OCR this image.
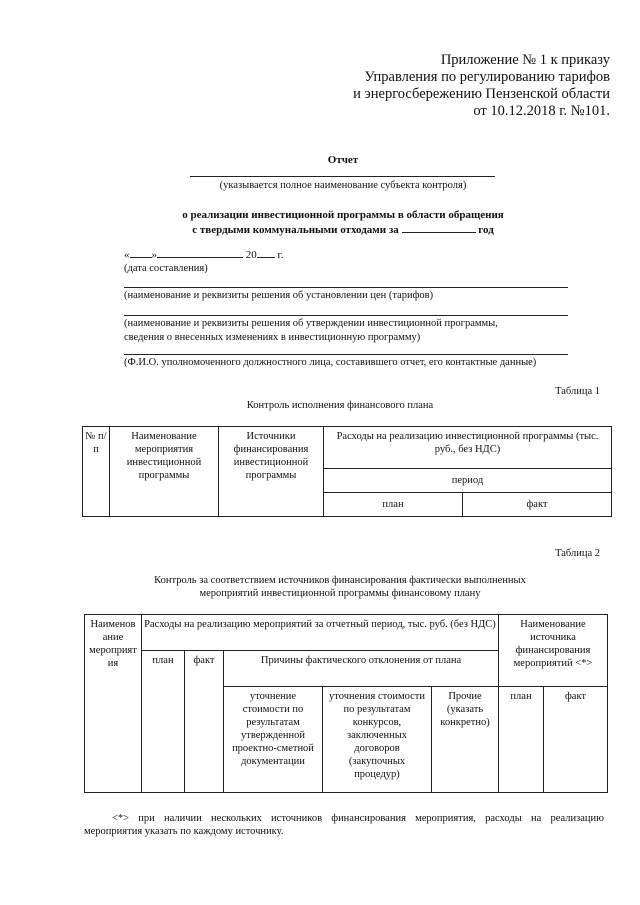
Приложение № 1 к приказу
Управления по регулированию тарифов
и энергосбережению Пензенской области
от 10.12.2018 г. №101.
Отчет
(указывается полное наименование субъекта контроля)
о реализации инвестиционной программы в области обращения
с твердыми коммунальными отходами за	год
« »	20 г.
(дата составления)
(наименование и реквизиты решения об установлении цен (тарифов)
(наименование и реквизиты решения об утверждении инвестиционной программы,
сведения о внесенных изменениях в инвестиционную программу)
(Ф.И.О. уполномоченного должностного лица, составившего отчет, его контактные данные)
Таблица 1
Контроль исполнения финансового плана
№ п/п	Наименование мероприятия инвестиционной программы	Источники финансирования инвестиционной программы	Расходы на реализацию инвестиционной программы (тыс. руб., без НДС)	
			период	
			план	факт
Таблица 2
Контроль за соответствием источников финансирования фактически выполненных
мероприятий инвестиционной программы финансовому плану
Наименов ание мероприят ия	Расходы на реализацию мероприятий за отчетный период, тыс. руб. (без НДС)					Наименование источника финансирования мероприятий <*>	
	план	факт	Причины фактического отклонения от плана				
			уточнение стоимости по результатам утвержденной проектно-сметной документации	уточнения стоимости по результатам конкурсов, заключенных договоров (закупочных процедур)	Прочие (указать конкретно)	план	факт
<*> при наличии нескольких источников финансирования мероприятия, расходы на реализацию мероприятия указать по каждому источнику.
